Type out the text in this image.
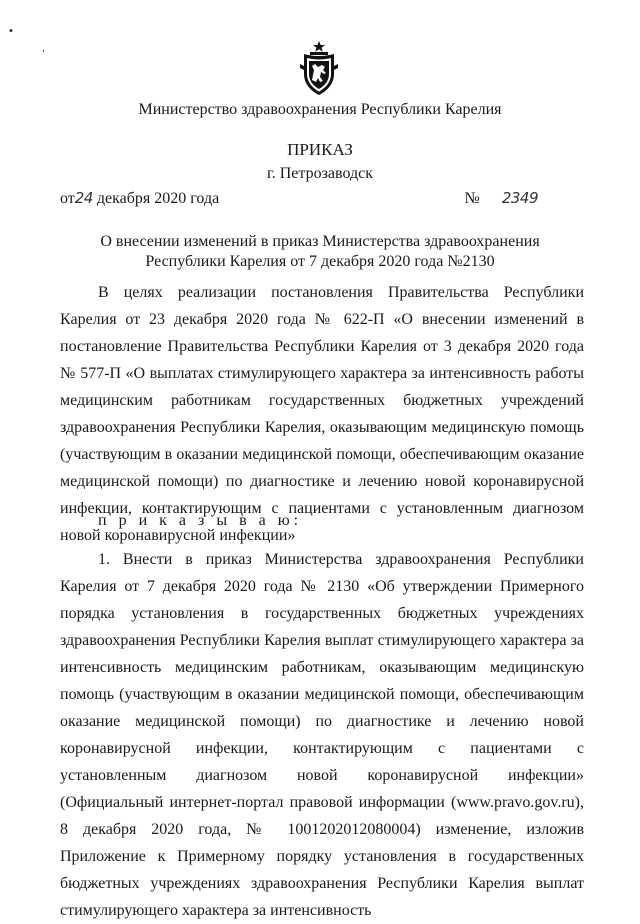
•
,
Министерство здравоохранения Республики Карелия
ПРИКАЗ
г. Петрозаводск
от24 декабря 2020 года	№ 2349
О внесении изменений в приказ Министерства здравоохранения Республики Карелия от 7 декабря 2020 года №2130

В целях реализации постановления Правительства Республики Карелия от 23 декабря 2020 года № 622-П «О внесении изменений в постановление Правительства Республики Карелия от 3 декабря 2020 года № 577-П «О выплатах стимулирующего характера за интенсивность работы медицинским работникам государственных бюджетных учреждений здравоохранения Республики Карелия, оказывающим медицинскую помощь (участвующим в оказании медицинской помощи, обеспечивающим оказание медицинской помощи) по диагностике и лечению новой коронавирусной инфекции, контактирующим с пациентами с установленным диагнозом новой коронавирусной инфекции»

п р и к а з ы в а ю:

1. Внести в приказ Министерства здравоохранения Республики Карелия от 7 декабря 2020 года № 2130 «Об утверждении Примерного порядка установления в государственных бюджетных учреждениях здравоохранения Республики Карелия выплат стимулирующего характера за интенсивность медицинским работникам, оказывающим медицинскую помощь (участвующим в оказании медицинской помощи, обеспечивающим оказание медицинской помощи) по диагностике и лечению новой коронавирусной инфекции, контактирующим с пациентами с установленным диагнозом новой коронавирусной инфекции» (Официальный интернет-портал правовой информации (www.pravo.gov.ru), 8 декабря 2020 года, № 1001202012080004) изменение, изложив Приложение к Примерному порядку установления в государственных бюджетных учреждениях здравоохранения Республики Карелия выплат стимулирующего характера за интенсивность
